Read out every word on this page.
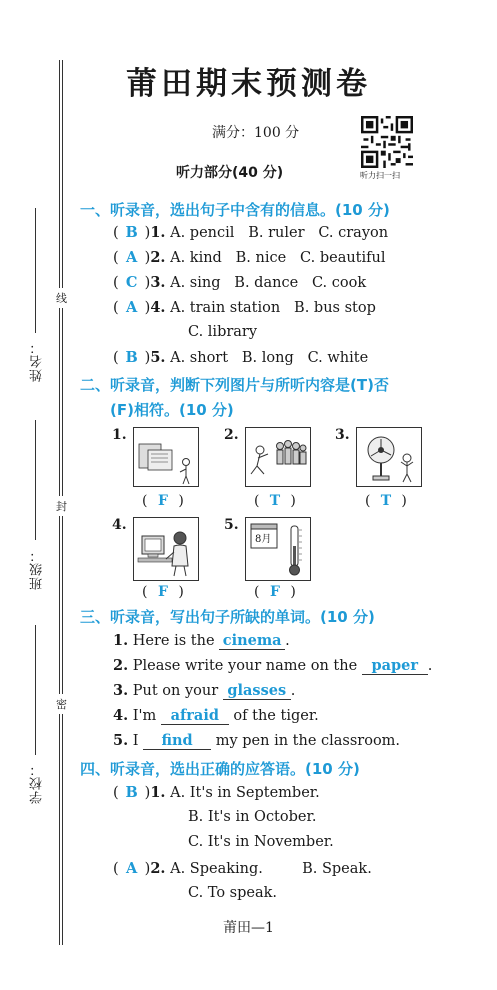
线
封
密
姓名：
班级：
学校：
莆田期末预测卷
满分：100 分
听力部分(40 分)	听力扫一扫
一、听录音，选出句子中含有的信息。(10 分)
( B )1. A. pencil   B. ruler   C. crayon
( A )2. A. kind   B. nice   C. beautiful
( C )3. A. sing   B. dance   C. cook
( A )4. A. train station   B. bus stop
C. library
( B )5. A. short   B. long   C. white
二、听录音，判断下列图片与所听内容是(T)否
(F)相符。(10 分)
1.
( F )
2.
( T )
3.
( T )
4.
( F )
5.
8月
( F )
三、听录音，写出句子所缺的单词。(10 分)
1. Here is the cinema .
2. Please write your name on the paper .
3. Put on your glasses .
4. I'm afraid of the tiger.
5. I find my pen in the classroom.
四、听录音，选出正确的应答语。(10 分)
( B )1. A. It's in September.
B. It's in October.
C. It's in November.
( A )2. A. Speaking.	B. Speak.
C. To speak.
莆田—1
